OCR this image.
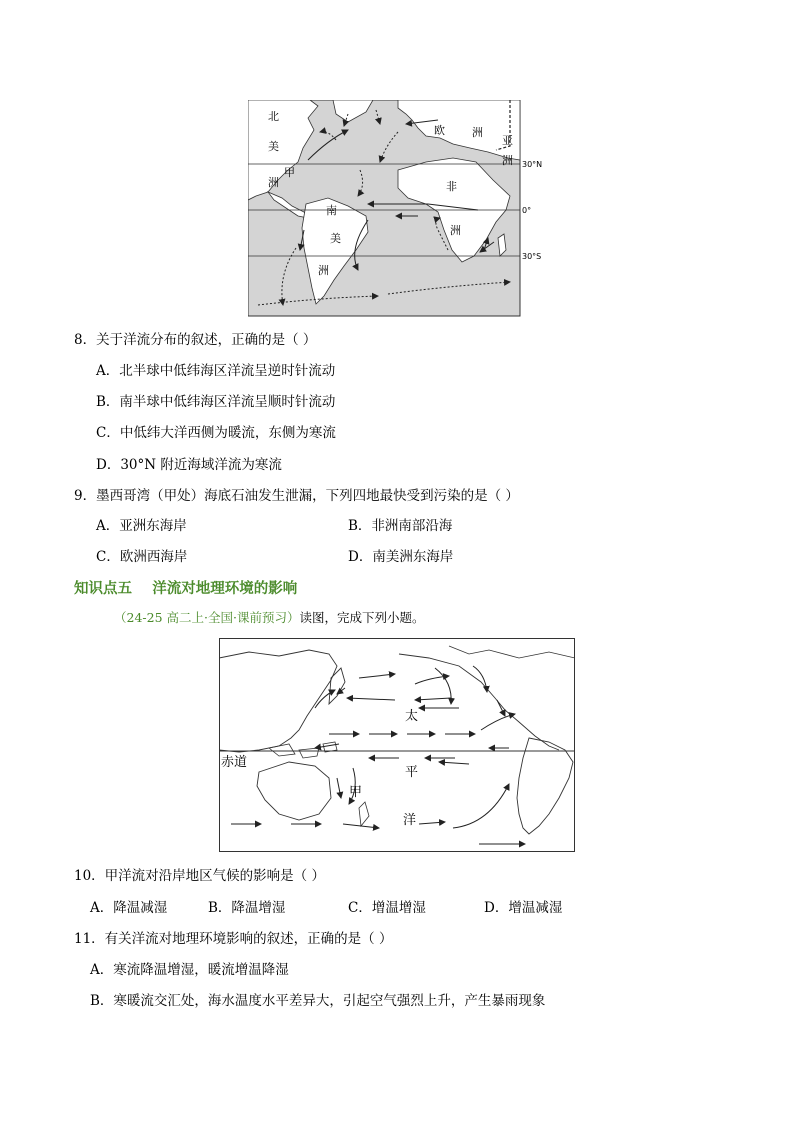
北
美
洲
甲
欧 洲
亚
洲
非
洲
南
美
洲
30°N
0°
30°S
8．关于洋流分布的叙述，正确的是（ ）
A．北半球中低纬海区洋流呈逆时针流动
B．南半球中低纬海区洋流呈顺时针流动
C．中低纬大洋西侧为暖流，东侧为寒流
D．30°N 附近海域洋流为寒流
9．墨西哥湾（甲处）海底石油发生泄漏，下列四地最快受到污染的是（ ）
A．亚洲东海岸	B．非洲南部沿海
C．欧洲西海岸	D．南美洲东海岸
知识点五    洋流对地理环境的影响
（24-25 高二上·全国·课前预习）读图，完成下列小题。
赤道
太
平
洋
甲
10．甲洋流对沿岸地区气候的影响是（ ）
A．降温减湿	B．降温增湿	C．增温增湿	D．增温减湿
11．有关洋流对地理环境影响的叙述，正确的是（ ）
A．寒流降温增湿，暖流增温降湿
B．寒暖流交汇处，海水温度水平差异大，引起空气强烈上升，产生暴雨现象
